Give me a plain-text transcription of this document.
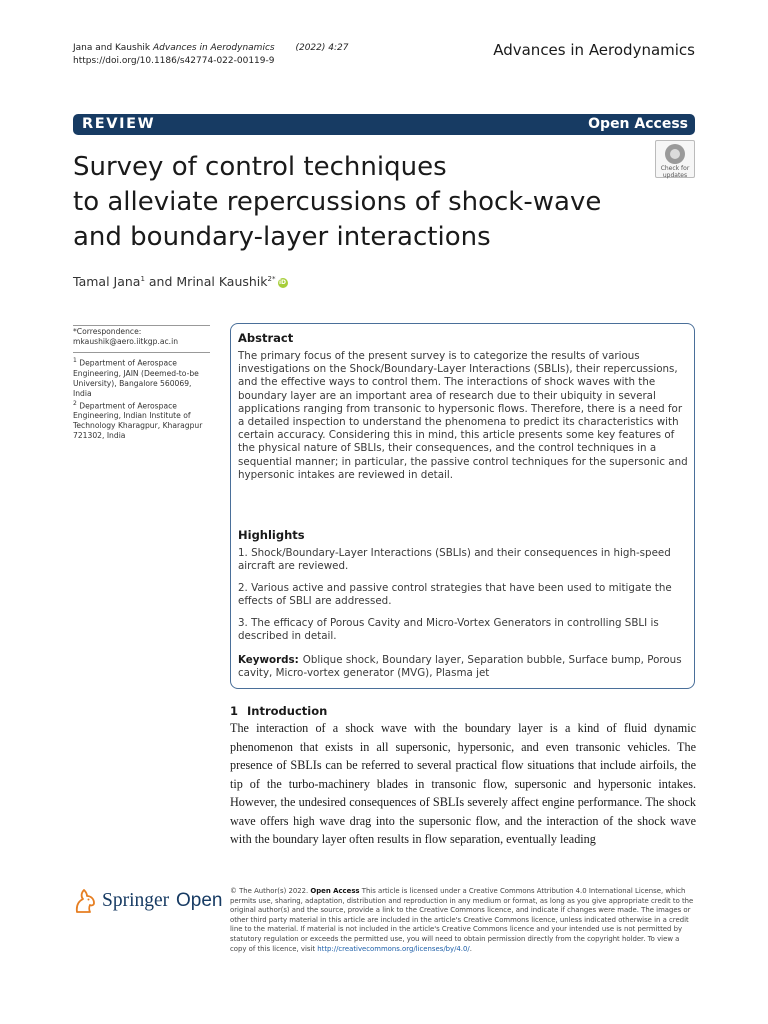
Jana and Kaushik Advances in Aerodynamics (2022) 4:27
https://doi.org/10.1186/s42774-022-00119-9
Advances in Aerodynamics
REVIEW	Open Access
Survey of control techniques
to alleviate repercussions of shock-wave
and boundary-layer interactions
Check for
updates
Tamal Jana$^1$ and Mrinal Kaushik$^{2*}$ iD
*Correspondence:
mkaushik@aero.iitkgp.ac.in
$^1$ Department of Aerospace Engineering, JAIN (Deemed-to-be University), Bangalore 560069, India
$^2$ Department of Aerospace Engineering, Indian Institute of Technology Kharagpur, Kharagpur 721302, India
Abstract
The primary focus of the present survey is to categorize the results of various investigations on the Shock/Boundary-Layer Interactions (SBLIs), their repercussions, and the effective ways to control them. The interactions of shock waves with the boundary layer are an important area of research due to their ubiquity in several applications ranging from transonic to hypersonic flows. Therefore, there is a need for a detailed inspection to understand the phenomena to predict its characteristics with certain accuracy. Considering this in mind, this article presents some key features of the physical nature of SBLIs, their consequences, and the control techniques in a sequential manner; in particular, the passive control techniques for the supersonic and hypersonic intakes are reviewed in detail.
Highlights
1. Shock/Boundary-Layer Interactions (SBLIs) and their consequences in high-speed aircraft are reviewed.
2. Various active and passive control strategies that have been used to mitigate the effects of SBLI are addressed.
3. The efficacy of Porous Cavity and Micro-Vortex Generators in controlling SBLI is described in detail.
Keywords: Oblique shock, Boundary layer, Separation bubble, Surface bump, Porous cavity, Micro-vortex generator (MVG), Plasma jet
1 Introduction
The interaction of a shock wave with the boundary layer is a kind of fluid dynamic phenomenon that exists in all supersonic, hypersonic, and even transonic vehicles. The presence of SBLIs can be referred to several practical flow situations that include airfoils, the tip of the turbo-machinery blades in transonic flow, supersonic and hypersonic intakes. However, the undesired consequences of SBLIs severely affect engine performance. The shock wave offers high wave drag into the supersonic flow, and the interaction of the shock wave with the boundary layer often results in flow separation, eventually leading
Springer Open © The Author(s) 2022. Open Access This article is licensed under a Creative Commons Attribution 4.0 International License, which permits use, sharing, adaptation, distribution and reproduction in any medium or format, as long as you give appropriate credit to the original author(s) and the source, provide a link to the Creative Commons licence, and indicate if changes were made. The images or other third party material in this article are included in the article's Creative Commons licence, unless indicated otherwise in a credit line to the material. If material is not included in the article's Creative Commons licence and your intended use is not permitted by statutory regulation or exceeds the permitted use, you will need to obtain permission directly from the copyright holder. To view a copy of this licence, visit http://creativecommons.org/licenses/by/4.0/.
